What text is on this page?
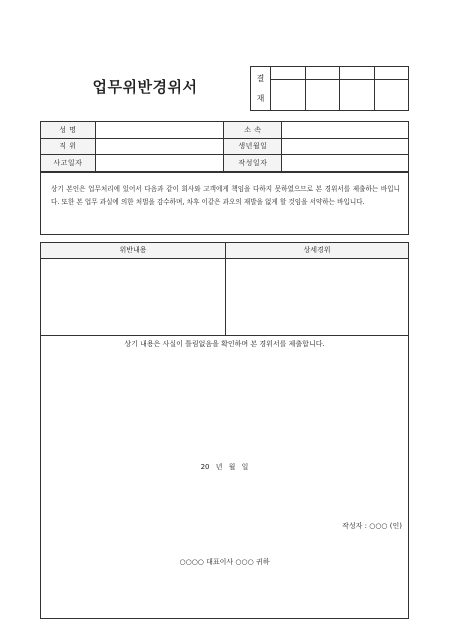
업무위반경위서	결
재				

성 명		소 속	
직 위		생년월일	
사고일자		작성일자	
상기 본인은 업무처리에 있어서 다음과 같이 회사와 고객에게 책임을 다하지 못하였으므로 본 경위서를 제출하는 바입니다. 또한 본 업무 과실에 의한 처벌을 감수하며, 차후 이같은 과오의 재발을 없게 할 것임을 서약하는 바입니다.
위반내용	상세경위
상기 내용은 사실이 틀림없음을 확인하며 본 경위서를 제출합니다.
20 년 월 일
작성자 : ○○○ (인)
○○○○ 대표이사 ○○○ 귀하
